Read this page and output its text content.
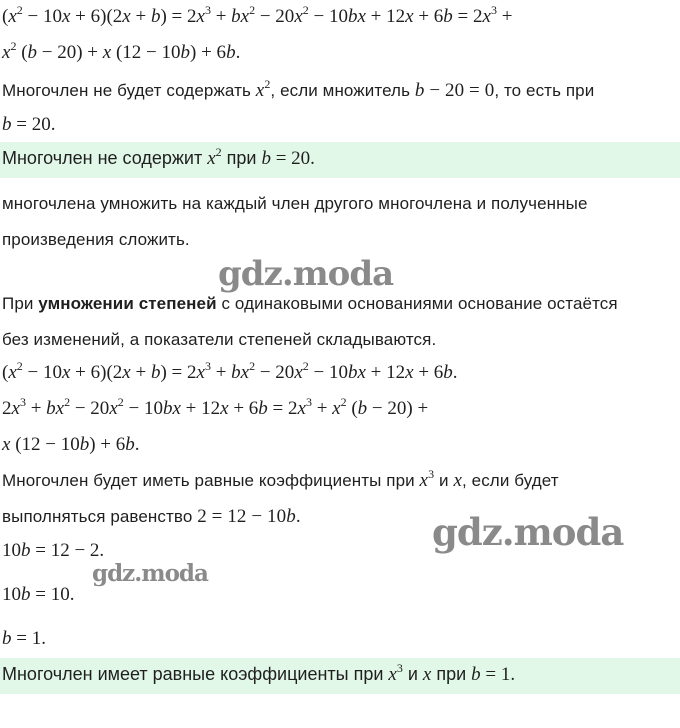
$(x^2 - 10x + 6)(2x + b) = 2x^3 + bx^2 - 20x^2 - 10bx + 12x + 6b = 2x^3$ +
$x^2$ (b − 20) + x (12 − 10b) + 6b.
Многочлен не будет содержать $x^2$, если множитель b − 20 = 0, то есть при
b = 20.
Многочлен не содержит $x^2$ при b = 20.
многочлена умножить на каждый член другого многочлена и полученные
произведения сложить.
gdz.moda
При умножении степеней с одинаковыми основаниями основание остаётся
без изменений, а показатели степеней складываются.
$(x^2 - 10x + 6)(2x + b) = 2x^3 + bx^2 - 20x^2 - 10bx + 12x + 6b$.
$2x^3 + bx^2 - 20x^2 - 10bx + 12x + 6b = 2x^3 + x^2$ (b − 20) +
x (12 − 10b) + 6b.
Многочлен будет иметь равные коэффициенты при $x^3$ и x, если будет
выполняться равенство 2 = 12 − 10b.	gdz.moda
10b = 12 − 2.
gdz.moda
10b = 10.
b = 1.
Многочлен имеет равные коэффициенты при $x^3$ и x при b = 1.
